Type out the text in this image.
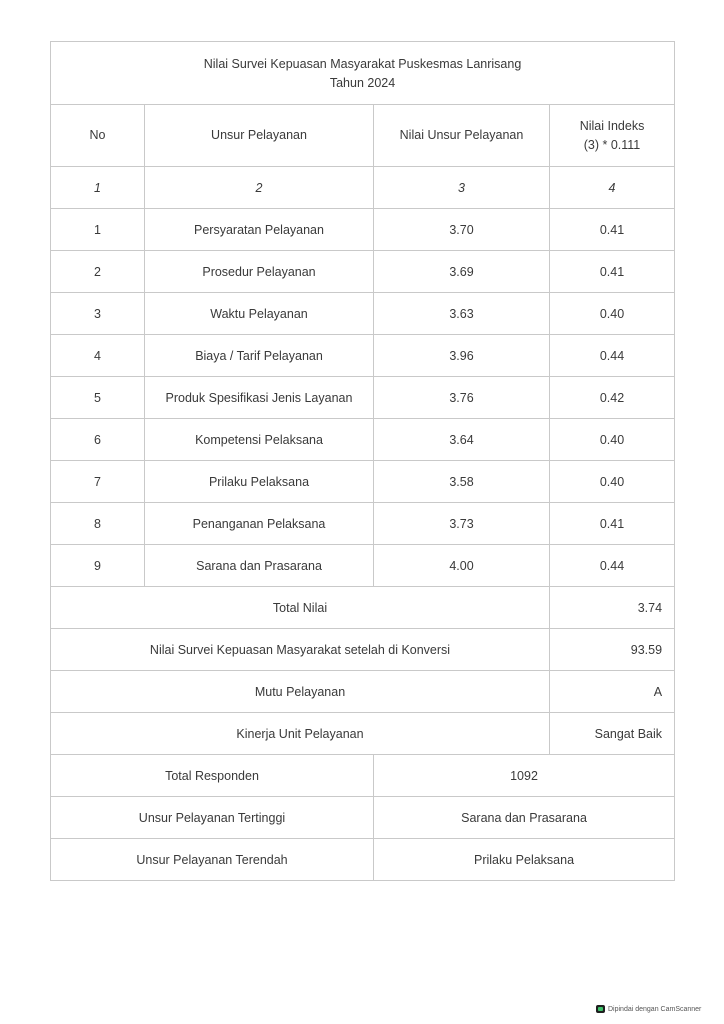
Nilai Survei Kepuasan Masyarakat Puskesmas Lanrisang
Tahun 2024			

No	Unsur Pelayanan	Nilai Unsur Pelayanan	Nilai Indeks
(3) * 0.111

1	2	3	4
1	Persyaratan Pelayanan	3.70	0.41
2	Prosedur Pelayanan	3.69	0.41
3	Waktu Pelayanan	3.63	0.40
4	Biaya / Tarif Pelayanan	3.96	0.44
5	Produk Spesifikasi Jenis Layanan	3.76	0.42
6	Kompetensi Pelaksana	3.64	0.40
7	Prilaku Pelaksana	3.58	0.40
8	Penanganan Pelaksana	3.73	0.41
9	Sarana dan Prasarana	4.00	0.44
Total Nilai			3.74
Nilai Survei Kepuasan Masyarakat setelah di Konversi			93.59
Mutu Pelayanan			A
Kinerja Unit Pelayanan			Sangat Baik
Total Responden		1092	
Unsur Pelayanan Tertinggi		Sarana dan Prasarana	
Unsur Pelayanan Terendah		Prilaku Pelaksana	
Dipindai dengan CamScanner
